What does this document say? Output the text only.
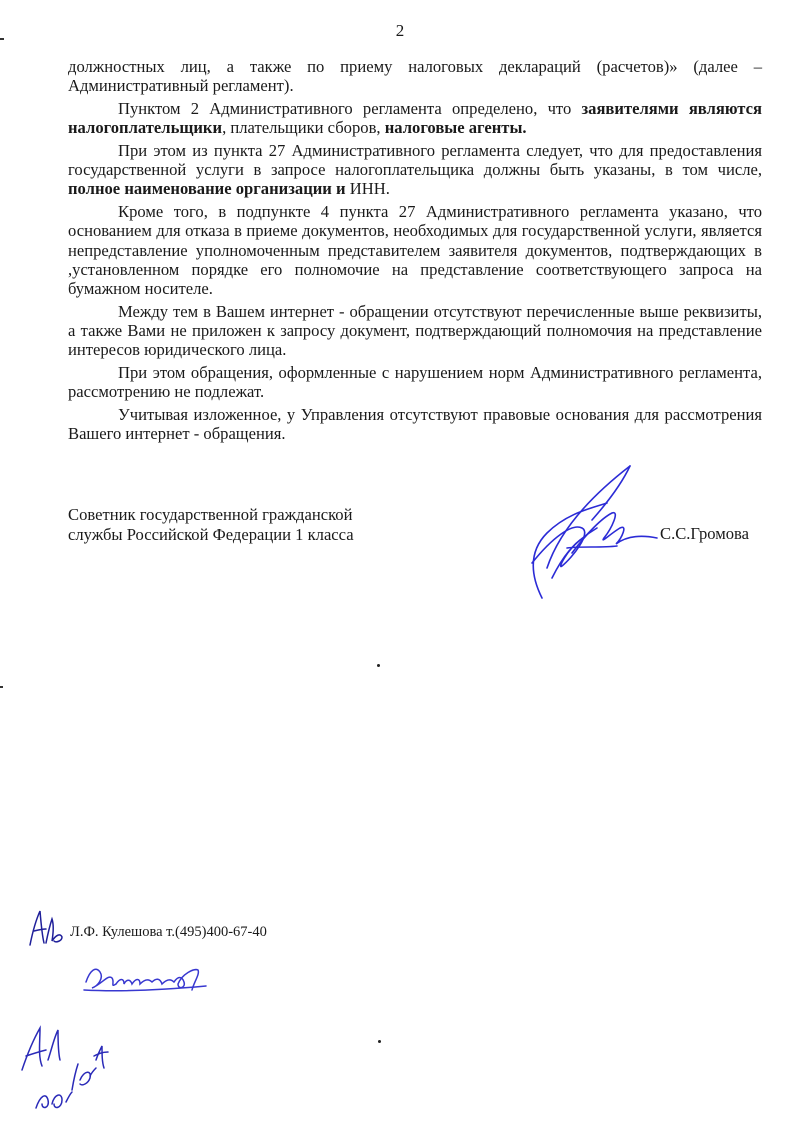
2

должностных лиц, а также по приему налоговых деклараций (расчетов)» (далее – Административный регламент).

Пунктом 2 Административного регламента определено, что заявителями являются налогоплательщики, плательщики сборов, налоговые агенты.

При этом из пункта 27 Административного регламента следует, что для предоставления государственной услуги в запросе налогоплательщика должны быть указаны, в том числе, полное наименование организации и ИНН.

Кроме того, в подпункте 4 пункта 27 Административного регламента указано, что основанием для отказа в приеме документов, необходимых для государственной услуги, является непредставление уполномоченным представителем заявителя документов, подтверждающих в ,установленном порядке его полномочие на представление соответствующего запроса на бумажном носителе.

Между тем в Вашем интернет - обращении отсутствуют перечисленные выше реквизиты, а также Вами не приложен к запросу документ, подтверждающий полномочия на представление интересов юридического лица.

При этом обращения, оформленные с нарушением норм Административного регламента, рассмотрению не подлежат.

Учитывая изложенное, у Управления отсутствуют правовые основания для рассмотрения Вашего интернет - обращения.

Советник государственной гражданской
службы Российской Федерации 1 класса	С.С.Громова
Л.Ф. Кулешова т.(495)400-67-40
